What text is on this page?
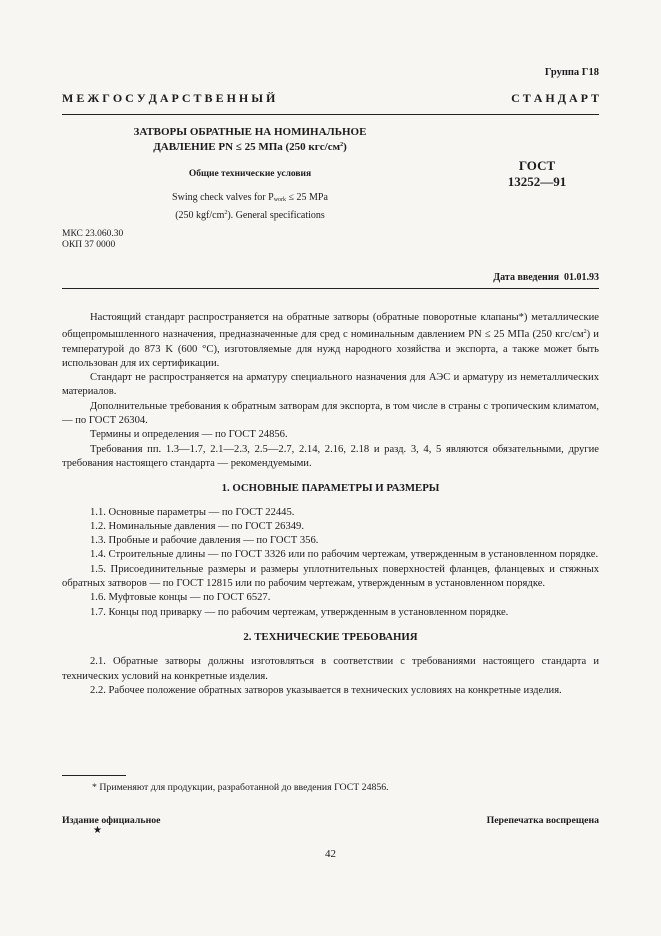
Группа Г18
М Е Ж Г О С У Д А Р С Т В Е Н Н Ы Й	С Т А Н Д А Р Т
ЗАТВОРЫ ОБРАТНЫЕ НА НОМИНАЛЬНОЕ
ДАВЛЕНИЕ PN ≤ 25 МПа (250 кгс/$см^2$)
Общие технические условия
Swing check valves for $P_{work} \le 25$ MPa
(250 kgf/$cm^2$). General specifications
ГОСТ
13252—91
МКС 23.060.30
ОКП 37 0000
Дата введения 01.01.93

Настоящий стандарт распространяется на обратные затворы (обратные поворотные клапаны*) металлические общепромышленного назначения, предназначенные для сред с номинальным давлением PN ≤ 25 МПа (250 кгс/$см^2$) и температурой до 873 K (600 °С), изготовляемые для нужд народного хозяйства и экспорта, а также может быть использован для их сертификации.

Стандарт не распространяется на арматуру специального назначения для АЭС и арматуру из неметаллических материалов.

Дополнительные требования к обратным затворам для экспорта, в том числе в страны с тропическим климатом, — по ГОСТ 26304.

Термины и определения — по ГОСТ 24856.

Требования пп. 1.3—1.7, 2.1—2.3, 2.5—2.7, 2.14, 2.16, 2.18 и разд. 3, 4, 5 являются обязательными, другие требования настоящего стандарта — рекомендуемыми.

1. ОСНОВНЫЕ ПАРАМЕТРЫ И РАЗМЕРЫ

1.1. Основные параметры — по ГОСТ 22445.

1.2. Номинальные давления — по ГОСТ 26349.

1.3. Пробные и рабочие давления — по ГОСТ 356.

1.4. Строительные длины — по ГОСТ 3326 или по рабочим чертежам, утвержденным в установленном порядке.

1.5. Присоединительные размеры и размеры уплотнительных поверхностей фланцев, фланцевых и стяжных обратных затворов — по ГОСТ 12815 или по рабочим чертежам, утвержденным в установленном порядке.

1.6. Муфтовые концы — по ГОСТ 6527.

1.7. Концы под приварку — по рабочим чертежам, утвержденным в установленном порядке.

2. ТЕХНИЧЕСКИЕ ТРЕБОВАНИЯ

2.1. Обратные затворы должны изготовляться в соответствии с требованиями настоящего стандарта и технических условий на конкретные изделия.

2.2. Рабочее положение обратных затворов указывается в технических условиях на конкретные изделия.

* Применяют для продукции, разработанной до введения ГОСТ 24856.
Издание официальное
★
Перепечатка воспрещена
42
